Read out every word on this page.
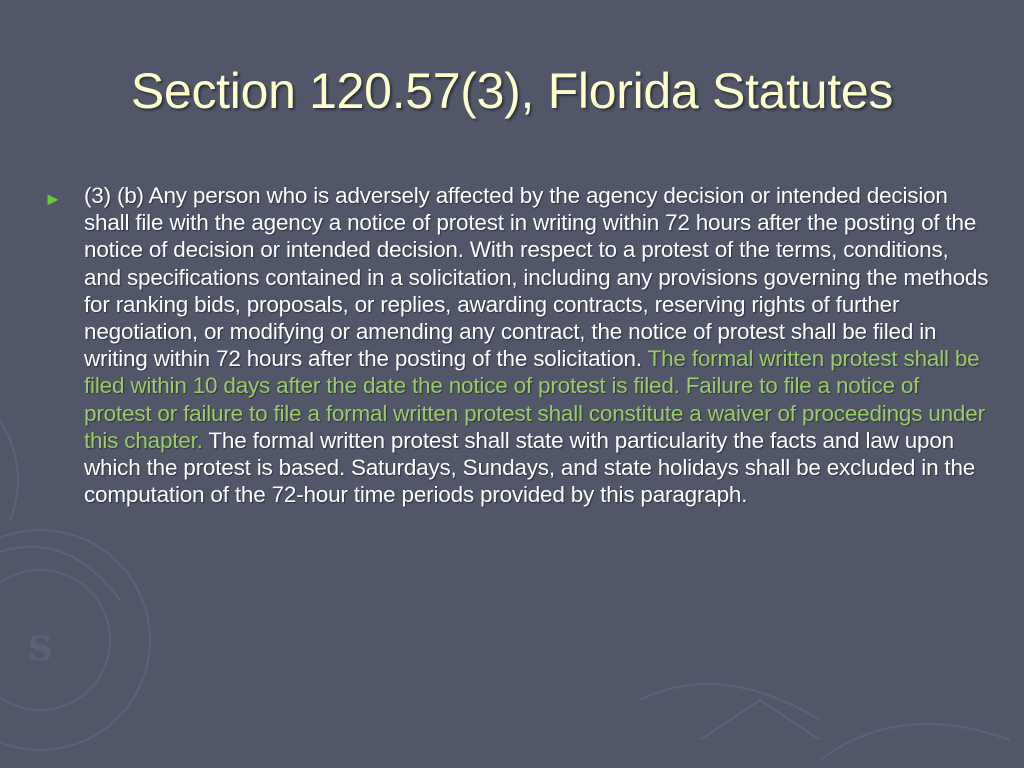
S
Section 120.57(3), Florida Statutes
► (3) (b) Any person who is adversely affected by the agency decision or intended decision shall file with the agency a notice of protest in writing within 72 hours after the posting of the notice of decision or intended decision. With respect to a protest of the terms, conditions, and specifications contained in a solicitation, including any provisions governing the methods for ranking bids, proposals, or replies, awarding contracts, reserving rights of further negotiation, or modifying or amending any contract, the notice of protest shall be filed in writing within 72 hours after the posting of the solicitation. The formal written protest shall be filed within 10 days after the date the notice of protest is filed. Failure to file a notice of protest or failure to file a formal written protest shall constitute a waiver of proceedings under this chapter. The formal written protest shall state with particularity the facts and law upon which the protest is based. Saturdays, Sundays, and state holidays shall be excluded in the computation of the 72-hour time periods provided by this paragraph.
